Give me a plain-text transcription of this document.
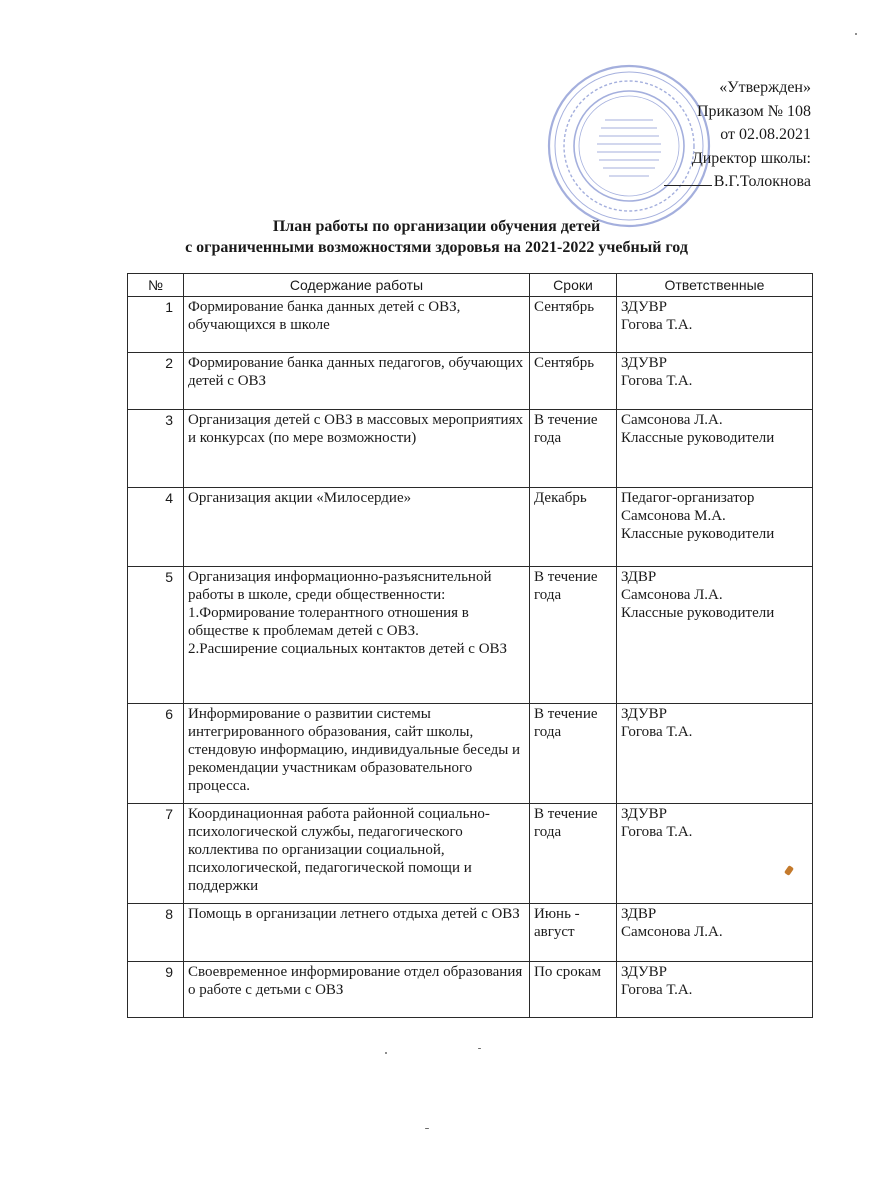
«Утвержден»
Приказом № 108
от 02.08.2021
Директор школы:
В.Г.Толокнова
План работы по организации обучения детей
с ограниченными возможностями здоровья на 2021-2022 учебный год
№	Содержание работы	Сроки	Ответственные
1	Формирование банка данных детей с ОВЗ, обучающихся в школе	Сентябрь	ЗДУВР
Гогова Т.А.
2	Формирование банка данных педагогов, обучающих детей с ОВЗ	Сентябрь	ЗДУВР
Гогова Т.А.
3	Организация детей с ОВЗ в массовых мероприятиях и конкурсах (по мере возможности)	В течение года	Самсонова Л.А.
Классные руководители
4	Организация акции «Милосердие»	Декабрь	Педагог-организатор Самсонова М.А.
Классные руководители
5	Организация информационно-разъяснительной работы в школе, среди общественности:
1.Формирование толерантного отношения в обществе к проблемам детей с ОВЗ.
2.Расширение социальных контактов детей с ОВЗ	В течение года	ЗДВР
Самсонова Л.А.
Классные руководители
6	Информирование о развитии системы интегрированного образования, сайт школы, стендовую информацию, индивидуальные беседы и рекомендации участникам образовательного процесса.	В течение года	ЗДУВР
Гогова Т.А.
7	Координационная работа районной социально-психологической службы, педагогического коллектива по организации социальной, психологической, педагогической помощи и поддержки	В течение года	ЗДУВР
Гогова Т.А.
8	Помощь в организации летнего отдыха детей с ОВЗ	Июнь - август	ЗДВР
Самсонова Л.А.
9	Своевременное информирование отдел образования о работе с детьми с ОВЗ	По срокам	ЗДУВР
Гогова Т.А.
